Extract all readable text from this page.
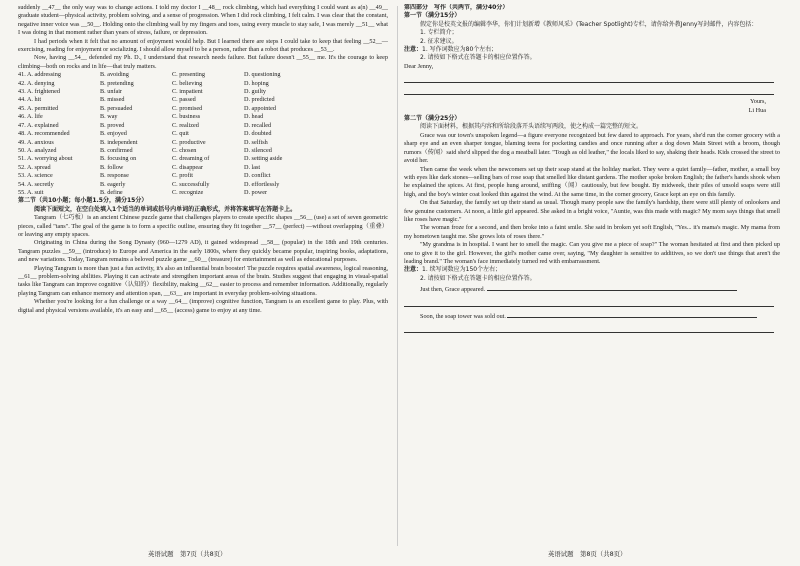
suddenly __47__ the only way was to change actions. I told my doctor I __48__ rock climbing, which had everything I could want as a(n) __49__ graduate student—physical activity, problem solving, and a sense of progression. When I did rock climbing, I felt calm. I was clear that the constant, negative inner voice was __50__. Holding onto the climbing wall by my fingers and toes, using every muscle to stay safe, I was merely __51__ what I was doing in that moment rather than years of stress, failure, or depression.

I had periods when it felt that no amount of enjoyment would help. But I learned there are steps I could take to keep that feeling __52__—exercising, reading for enjoyment or socializing. I should allow myself to be a person, rather than a robot that produces __53__.

Now, having __54__ defended my Ph. D., I understand that research needs failure. But failure doesn't __55__ me. It's the courage to keep climbing—both on rocks and in life—that truly matters.

41. A. addressing	B. avoiding	C. presenting	D. questioning
42. A. denying	B. pretending	C. believing	D. hoping
43. A. frightened	B. unfair	C. impatient	D. guilty
44. A. hit	B. missed	C. passed	D. predicted
45. A. permitted	B. persuaded	C. promised	D. appointed
46. A. life	B. way	C. business	D. head
47. A. explained	B. proved	C. realized	D. recalled
48. A. recommended	B. enjoyed	C. quit	D. doubted
49. A. anxious	B. independent	C. productive	D. selfish
50. A. analyzed	B. confirmed	C. chosen	D. silenced
51. A. worrying about	B. focusing on	C. dreaming of	D. setting aside
52. A. spread	B. follow	C. disappear	D. last
53. A. science	B. response	C. profit	D. conflict
54. A. secretly	B. eagerly	C. successfully	D. effortlessly
55. A. suit	B. define	C. recognize	D. power

第二节（共10小题；每小题1.5分，满分15分）

阅读下面短文，在空白处填入1个适当的单词或括号内单词的正确形式，并将答案填写在答题卡上。

Tangram（七巧板）is an ancient Chinese puzzle game that challenges players to create specific shapes __56__ (use) a set of seven geometric pieces, called "tans". The goal of the game is to form a specific outline, ensuring they fit together __57__ (perfect) —without overlapping（重叠）or leaving any empty spaces.

Originating in China during the Song Dynasty (960—1279 AD), it gained widespread __58__ (popular) in the 18th and 19th centuries. Tangram puzzles __59__ (introduce) to Europe and America in the early 1800s, where they quickly became popular, inspiring books, adaptations, and new variations. Today, Tangram remains a beloved puzzle game __60__ (treasure) for entertainment as well as educational purposes.

Playing Tangram is more than just a fun activity, it's also an influential brain booster! The puzzle requires spatial awareness, logical reasoning, __61__ problem-solving abilities. Playing it can activate and strengthen important areas of the brain. Studies suggest that engaging in visual-spatial tasks like Tangram can improve cognitive（认知的）flexibility, making __62__ easier to process and remember information. Additionally, regularly playing Tangram can enhance memory and attention span, __63__ are important in everyday problem-solving situations.

Whether you're looking for a fun challenge or a way __64__ (improve) cognitive function, Tangram is an excellent game to play. Plus, with digital and physical versions available, it's an easy and __65__ (access) game to enjoy at any time.

第四部分　写作（共两节，满分40分）

第一节（满分15分）

假定你是校英文报的编辑李华，你们计划新增《教师风采》(Teacher Spotlight)专栏，请你给外教Jenny写封邮件，内容包括：

1. 专栏简介；

2. 征求建议。

注意：1. 写作词数应为80个左右；

2. 请按如下格式在答题卡的相应位置作答。

Dear Jenny,

Yours,

Li Hua

第二节（满分25分）

阅读下面材料，根据其内容和所给段落开头语续写两段，使之构成一篇完整的短文。

Grace was our town's unspoken legend—a figure everyone recognized but few dared to approach. For years, she'd run the corner grocery with a sharp eye and an even sharper tongue, blaming teens for pocketing candies and once running after a dog down Main Street with a broom, though rumors（传闻）said she'd slipped the dog a meatball later. "Tough as old leather," the locals liked to say, shaking their heads. Kids crossed the street to avoid her.

Then came the week when the newcomers set up their soap stand at the holiday market. They were a quiet family—father, mother, a small boy with eyes like dark stones—selling bars of rose soap that smelled like distant gardens. The mother spoke broken English; the father's hands shook when he explained the spices. At first, people hung around, sniffing（闻）cautiously, but few bought. By midweek, their piles of unsold soaps were still high, and the boy's winter coat looked thin against the wind. At the same time, in the corner grocery, Grace kept an eye on this family.

On that Saturday, the family set up their stand as usual. Though many people saw the family's hardship, there were still plenty of onlookers and few genuine customers. At noon, a little girl appeared. She asked in a bright voice, "Auntie, was this made with magic? My mom says things that smell like roses have magic."

The woman froze for a second, and then broke into a faint smile. She said in broken yet soft English, "Yes... it's mama's magic. My mama from my hometown taught me. She grows lots of roses there."

"My grandma is in hospital. I want her to smell the magic. Can you give me a piece of soap?" The woman hesitated at first and then picked up one to give it to the girl. However, the girl's mother came over, saying, "My daughter is sensitive to additives, so we don't use things that aren't the leading brand." The woman's face immediately turned red with embarrassment.

注意：1. 续写词数应为150个左右；

2. 请按如下格式在答题卡的相应位置作答。

Just then, Grace appeared.

Soon, the soap tower was sold out.

英语试题　第7页（共8页）	英语试题　第8页（共8页）
